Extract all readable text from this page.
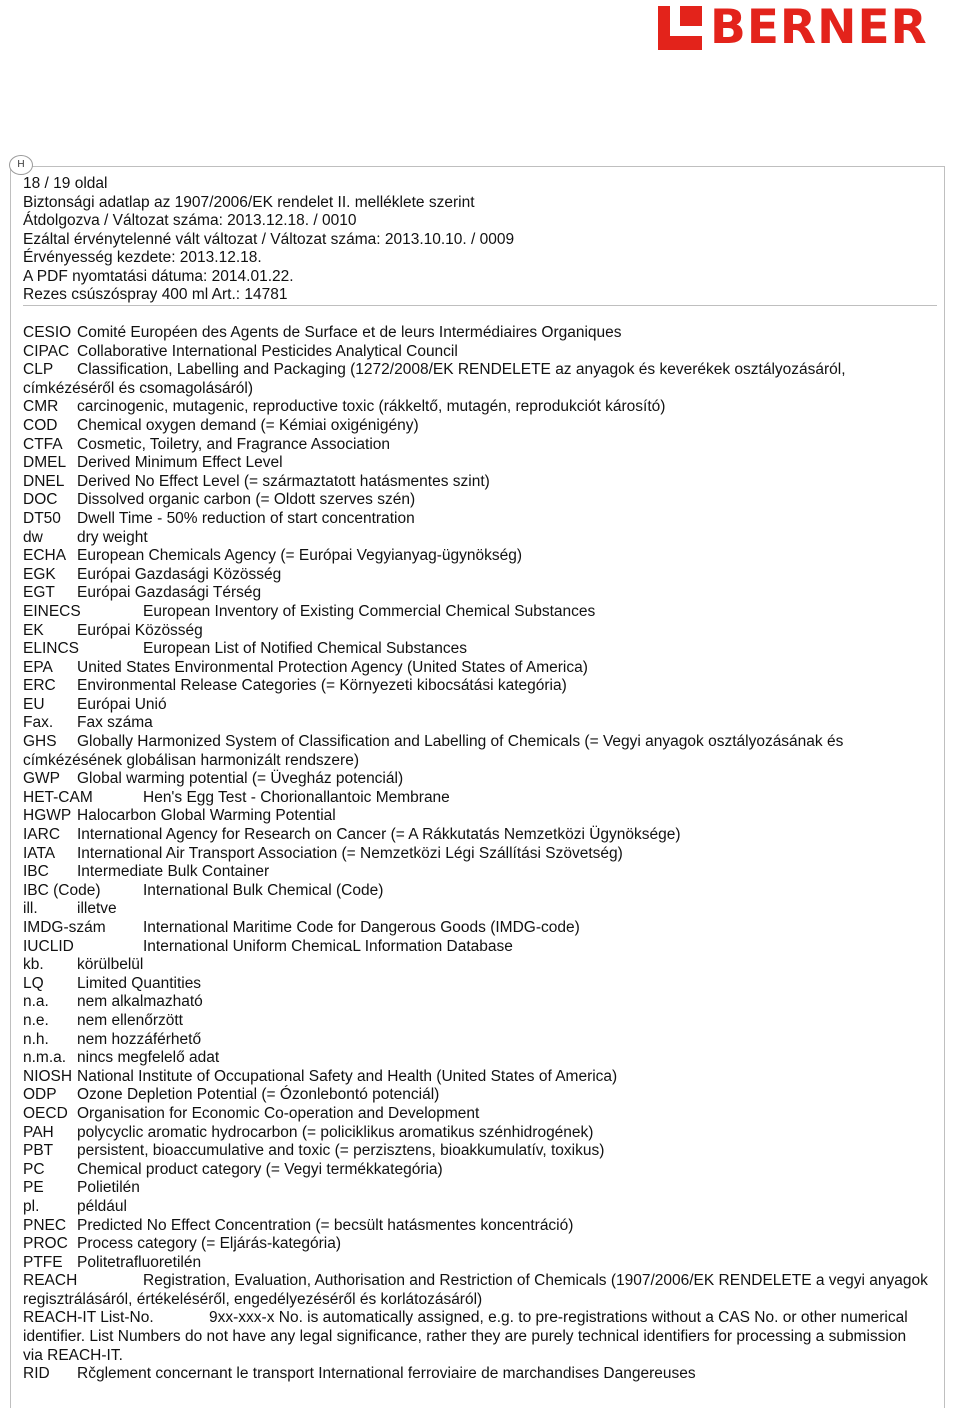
BERNER
H
18 / 19 oldal
Biztonsági adatlap az 1907/2006/EK rendelet II. melléklete szerint
Átdolgozva / Változat száma: 2013.12.18. / 0010
Ezáltal érvénytelenné vált változat / Változat száma: 2013.10.10. / 0009
Érvényesség kezdete: 2013.12.18.
A PDF nyomtatási dátuma: 2014.01.22.
Rezes csúszóspray 400 ml Art.: 14781
CESIO Comité Européen des Agents de Surface et de leurs Intermédiaires Organiques
CIPAC Collaborative International Pesticides Analytical Council
CLP	Classification, Labelling and Packaging (1272/2008/EK RENDELETE az anyagok és keverékek osztályozásáról, címkézéséről és csomagolásáról)
CMR carcinogenic, mutagenic, reproductive toxic (rákkeltő, mutagén, reprodukciót károsító)
COD Chemical oxygen demand (= Kémiai oxigénigény)
CTFA Cosmetic, Toiletry, and Fragrance Association
DMEL Derived Minimum Effect Level
DNEL Derived No Effect Level (= származtatott hatásmentes szint)
DOC Dissolved organic carbon (= Oldott szerves szén)
DT50 Dwell Time - 50% reduction of start concentration
dw dry weight
ECHA European Chemicals Agency (= Európai Vegyianyag-ügynökség)
EGK Európai Gazdasági Közösség
EGT Európai Gazdasági Térség
EINECS	European Inventory of Existing Commercial Chemical Substances
EK Európai Közösség
ELINCS	European List of Notified Chemical Substances
EPA United States Environmental Protection Agency (United States of America)
ERC Environmental Release Categories (= Környezeti kibocsátási kategória)
EU Európai Unió
Fax. Fax száma
GHS	Globally Harmonized System of Classification and Labelling of Chemicals (= Vegyi anyagok osztályozásának és címkézésének globálisan harmonizált rendszere)
GWP Global warming potential (= Üvegház potenciál)
HET-CAM	Hen's Egg Test - Chorionallantoic Membrane
HGWP Halocarbon Global Warming Potential
IARC International Agency for Research on Cancer (= A Rákkutatás Nemzetközi Ügynöksége)
IATA International Air Transport Association (= Nemzetközi Légi Szállítási Szövetség)
IBC Intermediate Bulk Container
IBC (Code)	International Bulk Chemical (Code)
ill.	illetve
IMDG-szám International Maritime Code for Dangerous Goods (IMDG-code)
IUCLID	International Uniform ChemicaL Information Database
kb. körülbelül
LQ Limited Quantities
n.a. nem alkalmazható
n.e. nem ellenőrzött
n.h. nem hozzáférhető
n.m.a. nincs megfelelő adat
NIOSH National Institute of Occupational Safety and Health (United States of America)
ODP Ozone Depletion Potential (= Ózonlebontó potenciál)
OECD Organisation for Economic Co-operation and Development
PAH polycyclic aromatic hydrocarbon (= policiklikus aromatikus szénhidrogének)
PBT persistent, bioaccumulative and toxic (= perzisztens, bioakkumulatív, toxikus)
PC Chemical product category (= Vegyi termékkategória)
PE Polietilén
pl. például
PNEC Predicted No Effect Concentration (= becsült hatásmentes koncentráció)
PROC Process category (= Eljárás-kategória)
PTFE Politetrafluoretilén
REACH	Registration, Evaluation, Authorisation and Restriction of Chemicals (1907/2006/EK RENDELETE a vegyi anyagok regisztrálásáról, értékeléséről, engedélyezéséről és korlátozásáról)
REACH-IT List-No.	9xx-xxx-x No. is automatically assigned, e.g. to pre-registrations without a CAS No. or other numerical identifier. List Numbers do not have any legal significance, rather they are purely technical identifiers for processing a submission via REACH-IT.
RID Rčglement concernant le transport International ferroviaire de marchandises Dangereuses
